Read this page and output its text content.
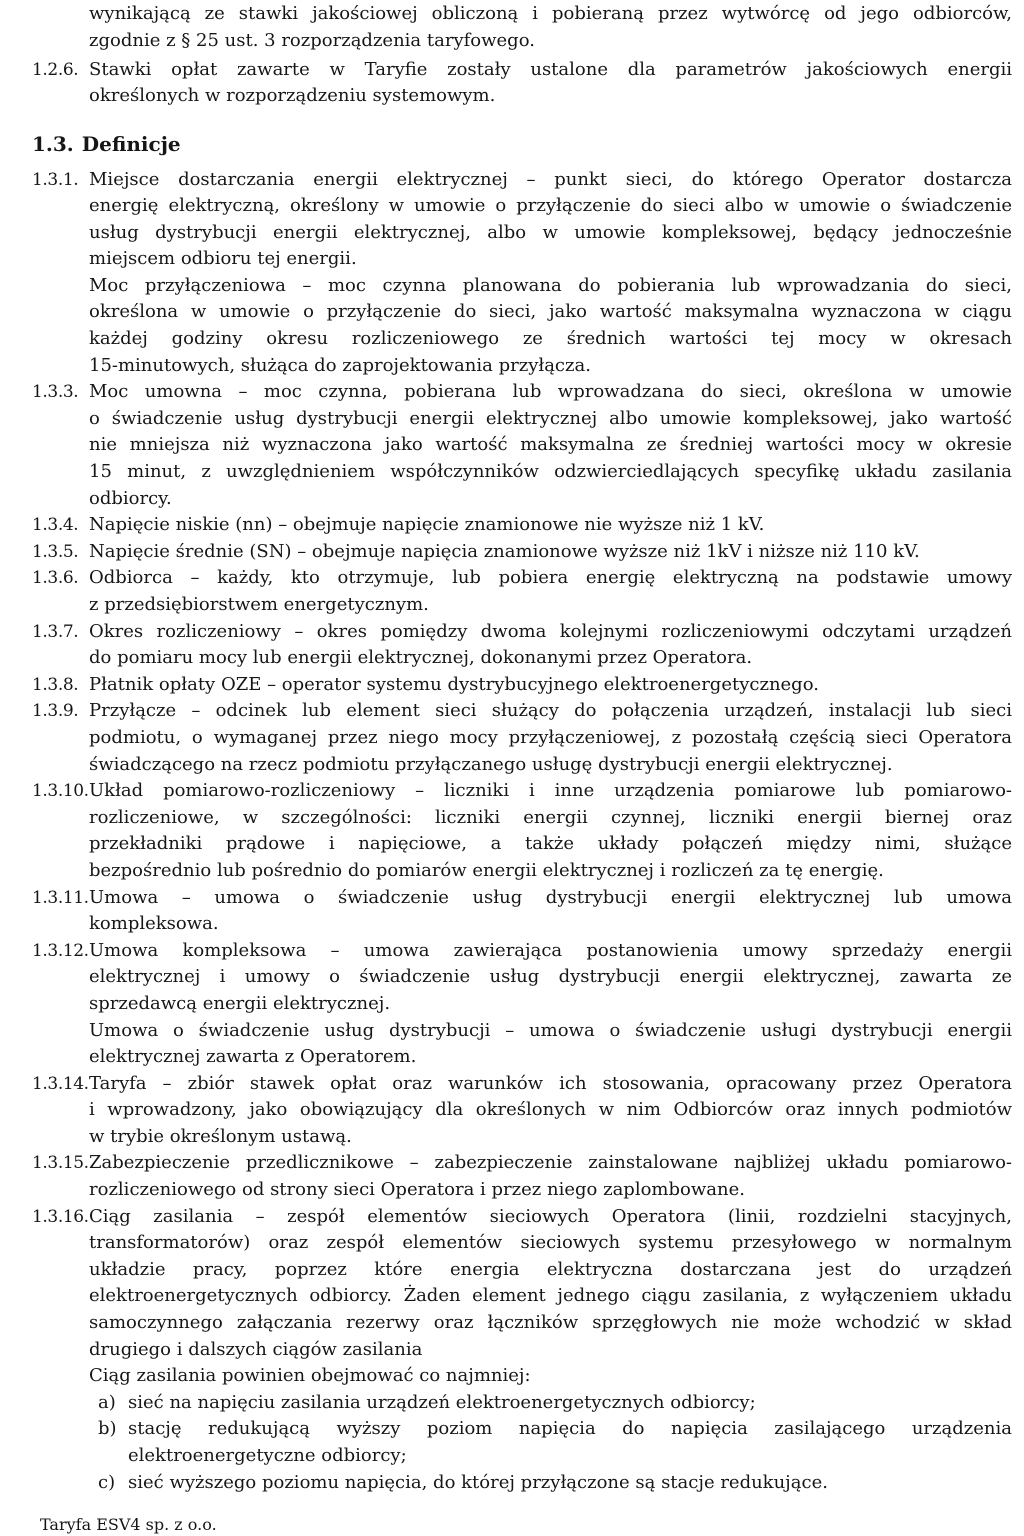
wynikającą ze stawki jakościowej obliczoną i pobieraną przez wytwórcę od jego odbiorców,
zgodnie z § 25 ust. 3 rozporządzenia taryfowego.
1.2.6. Stawki opłat zawarte w Taryfie zostały ustalone dla parametrów jakościowych energii
określonych w rozporządzeniu systemowym.
1.3. Definicje
1.3.1. Miejsce dostarczania energii elektrycznej – punkt sieci, do którego Operator dostarcza
energię elektryczną, określony w umowie o przyłączenie do sieci albo w umowie o świadczenie
usług dystrybucji energii elektrycznej, albo w umowie kompleksowej, będący jednocześnie
miejscem odbioru tej energii.
Moc przyłączeniowa – moc czynna planowana do pobierania lub wprowadzania do sieci,
określona w umowie o przyłączenie do sieci, jako wartość maksymalna wyznaczona w ciągu
każdej godziny okresu rozliczeniowego ze średnich wartości tej mocy w okresach
15-minutowych, służąca do zaprojektowania przyłącza.
1.3.3. Moc umowna – moc czynna, pobierana lub wprowadzana do sieci, określona w umowie
o świadczenie usług dystrybucji energii elektrycznej albo umowie kompleksowej, jako wartość
nie mniejsza niż wyznaczona jako wartość maksymalna ze średniej wartości mocy w okresie
15 minut, z uwzględnieniem współczynników odzwierciedlających specyfikę układu zasilania
odbiorcy.
1.3.4. Napięcie niskie (nn) – obejmuje napięcie znamionowe nie wyższe niż 1 kV.
1.3.5. Napięcie średnie (SN) – obejmuje napięcia znamionowe wyższe niż 1kV i niższe niż 110 kV.
1.3.6. Odbiorca – każdy, kto otrzymuje, lub pobiera energię elektryczną na podstawie umowy
z przedsiębiorstwem energetycznym.
1.3.7. Okres rozliczeniowy – okres pomiędzy dwoma kolejnymi rozliczeniowymi odczytami urządzeń
do pomiaru mocy lub energii elektrycznej, dokonanymi przez Operatora.
1.3.8. Płatnik opłaty OZE – operator systemu dystrybucyjnego elektroenergetycznego.
1.3.9. Przyłącze – odcinek lub element sieci służący do połączenia urządzeń, instalacji lub sieci
podmiotu, o wymaganej przez niego mocy przyłączeniowej, z pozostałą częścią sieci Operatora
świadczącego na rzecz podmiotu przyłączanego usługę dystrybucji energii elektrycznej.
1.3.10. Układ pomiarowo-rozliczeniowy – liczniki i inne urządzenia pomiarowe lub pomiarowo-
rozliczeniowe, w szczególności: liczniki energii czynnej, liczniki energii biernej oraz
przekładniki prądowe i napięciowe, a także układy połączeń między nimi, służące
bezpośrednio lub pośrednio do pomiarów energii elektrycznej i rozliczeń za tę energię.
1.3.11. Umowa – umowa o świadczenie usług dystrybucji energii elektrycznej lub umowa
kompleksowa.
1.3.12. Umowa kompleksowa – umowa zawierająca postanowienia umowy sprzedaży energii
elektrycznej i umowy o świadczenie usług dystrybucji energii elektrycznej, zawarta ze
sprzedawcą energii elektrycznej.
Umowa o świadczenie usług dystrybucji – umowa o świadczenie usługi dystrybucji energii
elektrycznej zawarta z Operatorem.
1.3.14. Taryfa – zbiór stawek opłat oraz warunków ich stosowania, opracowany przez Operatora
i wprowadzony, jako obowiązujący dla określonych w nim Odbiorców oraz innych podmiotów
w trybie określonym ustawą.
1.3.15. Zabezpieczenie przedlicznikowe – zabezpieczenie zainstalowane najbliżej układu pomiarowo-
rozliczeniowego od strony sieci Operatora i przez niego zaplombowane.
1.3.16. Ciąg zasilania – zespół elementów sieciowych Operatora (linii, rozdzielni stacyjnych,
transformatorów) oraz zespół elementów sieciowych systemu przesyłowego w normalnym
układzie pracy, poprzez które energia elektryczna dostarczana jest do urządzeń
elektroenergetycznych odbiorcy. Żaden element jednego ciągu zasilania, z wyłączeniem układu
samoczynnego załączania rezerwy oraz łączników sprzęgłowych nie może wchodzić w skład
drugiego i dalszych ciągów zasilania
Ciąg zasilania powinien obejmować co najmniej:
a) sieć na napięciu zasilania urządzeń elektroenergetycznych odbiorcy;
b) stację redukującą wyższy poziom napięcia do napięcia zasilającego urządzenia
elektroenergetyczne odbiorcy;
c) sieć wyższego poziomu napięcia, do której przyłączone są stacje redukujące.
Taryfa ESV4 sp. z o.o.
